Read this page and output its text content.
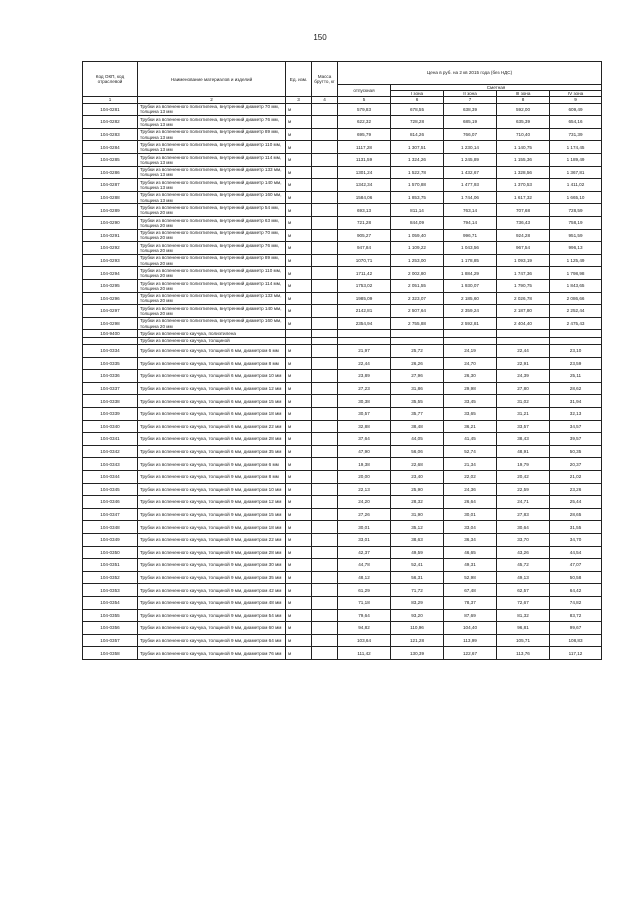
150
Код ОКП, код отраслевой	Наименование материалов и изделий	Ед. изм.	Масса брутто, кг	Цена в руб. на 2 кв 2015 года (без НДС)				
				отпускная	Сметная			
					I зона	II зона	III зона	IV зона
1	2	3	4	5	6	7	8	9
104-0281	Трубки из вспененного полиэтилена, внутренний диаметр 70 мм, толщина 13 мм	м		579,83	678,55	638,39	592,00	609,49
104-0282	Трубки из вспененного полиэтилена, внутренний диаметр 76 мм, толщина 13 мм	м		622,32	728,28	685,19	635,39	654,16
104-0283	Трубки из вспененного полиэтилена, внутренний диаметр 89 мм, толщина 13 мм	м		695,79	814,26	766,07	710,40	731,39
104-0284	Трубки из вспененного полиэтилена, внутренний диаметр 110 мм, толщина 13 мм	м		1117,28	1 307,51	1 230,14	1 140,75	1 174,45
104-0285	Трубки из вспененного полиэтилена, внутренний диаметр 114 мм, толщина 13 мм	м		1131,59	1 324,26	1 245,89	1 155,36	1 189,49
104-0286	Трубки из вспененного полиэтилена, внутренний диаметр 133 мм, толщина 13 мм	м		1301,24	1 522,78	1 432,67	1 328,56	1 367,81
104-0287	Трубки из вспененного полиэтилена, внутренний диаметр 140 мм, толщина 13 мм	м		1342,34	1 570,88	1 477,93	1 370,53	1 411,02
104-0288	Трубки из вспененного полиэтилена, внутренний диаметр 160 мм, толщина 13 мм	м		1584,06	1 853,75	1 744,06	1 617,32	1 665,10
104-0289	Трубки из вспененного полиэтилена, внутренний диаметр 54 мм, толщина 20 мм	м		693,13	811,14	763,14	707,68	728,59
104-0290	Трубки из вспененного полиэтилена, внутренний диаметр 63 мм, толщина 20 мм	м		721,28	844,09	794,14	736,43	758,19
104-0291	Трубки из вспененного полиэтилена, внутренний диаметр 70 мм, толщина 20 мм	м		905,27	1 059,40	996,71	924,28	951,59
104-0292	Трубки из вспененного полиэтилена, внутренний диаметр 76 мм, толщина 20 мм	м		947,84	1 109,22	1 043,56	967,54	996,13
104-0293	Трубки из вспененного полиэтилена, внутренний диаметр 89 мм, толщина 20 мм	м		1070,71	1 253,00	1 178,85	1 093,19	1 125,49
104-0294	Трубки из вспененного полиэтилена, внутренний диаметр 110 мм, толщина 20 мм	м		1711,42	2 002,80	1 884,29	1 747,36	1 798,98
104-0295	Трубки из вспененного полиэтилена, внутренний диаметр 114 мм, толщина 20 мм	м		1753,02	2 051,55	1 930,07	1 790,75	1 843,65
104-0296	Трубки из вспененного полиэтилена, внутренний диаметр 133 мм, толщина 20 мм	м		1985,09	2 323,07	2 185,60	2 026,78	2 086,66
104-0297	Трубки из вспененного полиэтилена, внутренний диаметр 140 мм, толщина 20 мм	м		2142,81	2 507,64	2 359,24	2 187,80	2 252,44
104-0298	Трубки из вспененного полиэтилена, внутренний диаметр 160 мм, толщина 20 мм	м		2354,94	2 755,88	2 592,81	2 404,40	2 475,43
104-9400	Трубки из вспененного каучука, полиэтилена							
	Трубки из вспененного каучука, толщиной							
104-0334	Трубки из вспененного каучука, толщиной 6 мм, диаметром 6 мм	м		21,97	25,72	24,19	22,44	23,10
104-0335	Трубки из вспененного каучука, толщиной 6 мм, диаметром 8 мм	м		22,44	26,26	24,70	22,91	23,59
104-0336	Трубки из вспененного каучука, толщиной 6 мм, диаметром 10 мм	м		23,89	27,96	26,30	24,39	25,11
104-0337	Трубки из вспененного каучука, толщиной 6 мм, диаметром 12 мм	м		27,23	31,86	29,98	27,80	28,62
104-0338	Трубки из вспененного каучука, толщиной 6 мм, диаметром 15 мм	м		30,38	35,55	33,45	31,02	31,94
104-0339	Трубки из вспененного каучука, толщиной 6 мм, диаметром 18 мм	м		30,57	35,77	33,65	31,21	32,13
104-0340	Трубки из вспененного каучука, толщиной 6 мм, диаметром 22 мм	м		32,88	38,48	36,21	33,57	34,57
104-0341	Трубки из вспененного каучука, толщиной 6 мм, диаметром 28 мм	м		37,64	44,05	41,45	38,43	39,57
104-0342	Трубки из вспененного каучука, толщиной 6 мм, диаметром 35 мм	м		47,90	56,06	52,74	48,91	50,35
104-0343	Трубки из вспененного каучука, толщиной 9 мм, диаметром 6 мм	м		19,38	22,68	21,34	19,79	20,37
104-0344	Трубки из вспененного каучука, толщиной 9 мм, диаметром 8 мм	м		20,00	23,40	22,02	20,42	21,02
104-0345	Трубки из вспененного каучука, толщиной 9 мм, диаметром 10 мм	м		22,13	25,90	24,36	22,59	23,26
104-0346	Трубки из вспененного каучука, толщиной 9 мм, диаметром 12 мм	м		24,20	28,32	26,64	24,71	25,44
104-0347	Трубки из вспененного каучука, толщиной 9 мм, диаметром 15 мм	м		27,26	31,90	30,01	27,83	28,65
104-0348	Трубки из вспененного каучука, толщиной 9 мм, диаметром 18 мм	м		30,01	35,12	33,04	30,64	31,55
104-0349	Трубки из вспененного каучука, толщиной 9 мм, диаметром 22 мм	м		33,01	38,63	36,34	33,70	34,70
104-0350	Трубки из вспененного каучука, толщиной 9 мм, диаметром 28 мм	м		42,37	49,59	46,65	43,26	44,54
104-0351	Трубки из вспененного каучука, толщиной 9 мм, диаметром 30 мм	м		44,78	52,41	49,31	45,72	47,07
104-0352	Трубки из вспененного каучука, толщиной 9 мм, диаметром 35 мм	м		48,12	56,31	52,98	49,13	50,58
104-0353	Трубки из вспененного каучука, толщиной 9 мм, диаметром 42 мм	м		61,29	71,72	67,48	62,57	64,42
104-0354	Трубки из вспененного каучука, толщиной 9 мм, диаметром 48 мм	м		71,18	83,29	78,37	72,67	74,82
104-0355	Трубки из вспененного каучука, толщиной 9 мм, диаметром 54 мм	м		79,64	93,20	87,69	81,32	83,72
104-0356	Трубки из вспененного каучука, толщиной 9 мм, диаметром 60 мм	м		94,82	110,96	104,40	96,81	99,67
104-0357	Трубки из вспененного каучука, толщиной 9 мм, диаметром 64 мм	м		103,64	121,28	113,99	105,71	108,83
104-0358	Трубки из вспененного каучука, толщиной 9 мм, диаметром 76 мм	м		111,42	130,39	122,67	113,76	117,12
